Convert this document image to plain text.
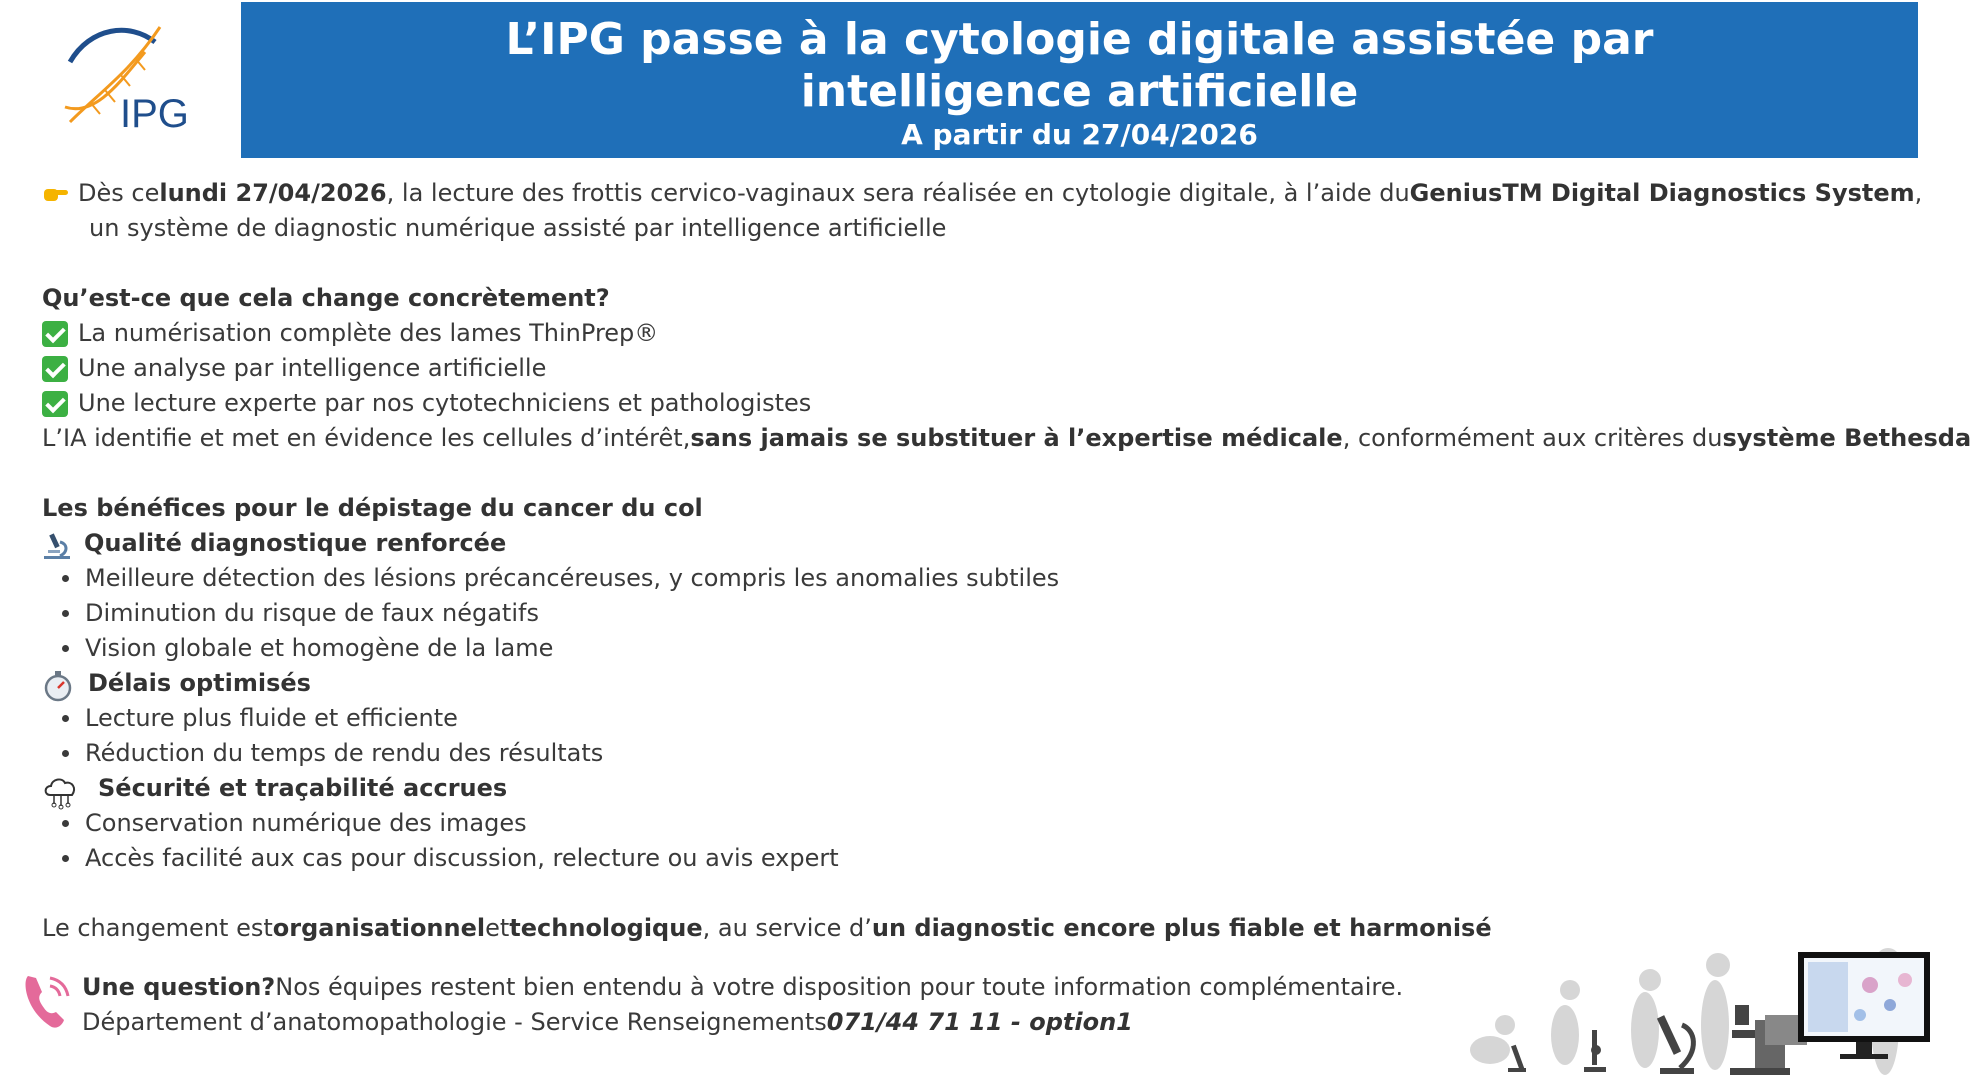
IPG
L’IPG passe à la cytologie digitale assistée par
intelligence artificielle
A partir du 27/04/2026
Dès ce lundi 27/04/2026 , la lecture des frottis cervico-vaginaux sera réalisée en cytologie digitale, à l’aide du GeniusTM Digital Diagnostics System ,
un système de diagnostic numérique assisté par intelligence artificielle
Qu’est-ce que cela change concrètement?
La numérisation complète des lames ThinPrep®
Une analyse par intelligence artificielle
Une lecture experte par nos cytotechniciens et pathologistes
L’IA identifie et met en évidence les cellules d’intérêt, sans jamais se substituer à l’expertise médicale , conformément aux critères du système Bethesda
Les bénéfices pour le dépistage du cancer du col
Qualité diagnostique renforcée
Meilleure détection des lésions précancéreuses, y compris les anomalies subtiles
Diminution du risque de faux négatifs
Vision globale et homogène de la lame
Délais optimisés
Lecture plus fluide et efficiente
Réduction du temps de rendu des résultats
Sécurité et traçabilité accrues
Conservation numérique des images
Accès facilité aux cas pour discussion, relecture ou avis expert
Le changement est organisationnel et technologique , au service d’ un diagnostic encore plus fiable et harmonisé
Une question? Nos équipes restent bien entendu à votre disposition pour toute information complémentaire.
Département d’anatomopathologie - Service Renseignements 071/44 71 11 - option1
